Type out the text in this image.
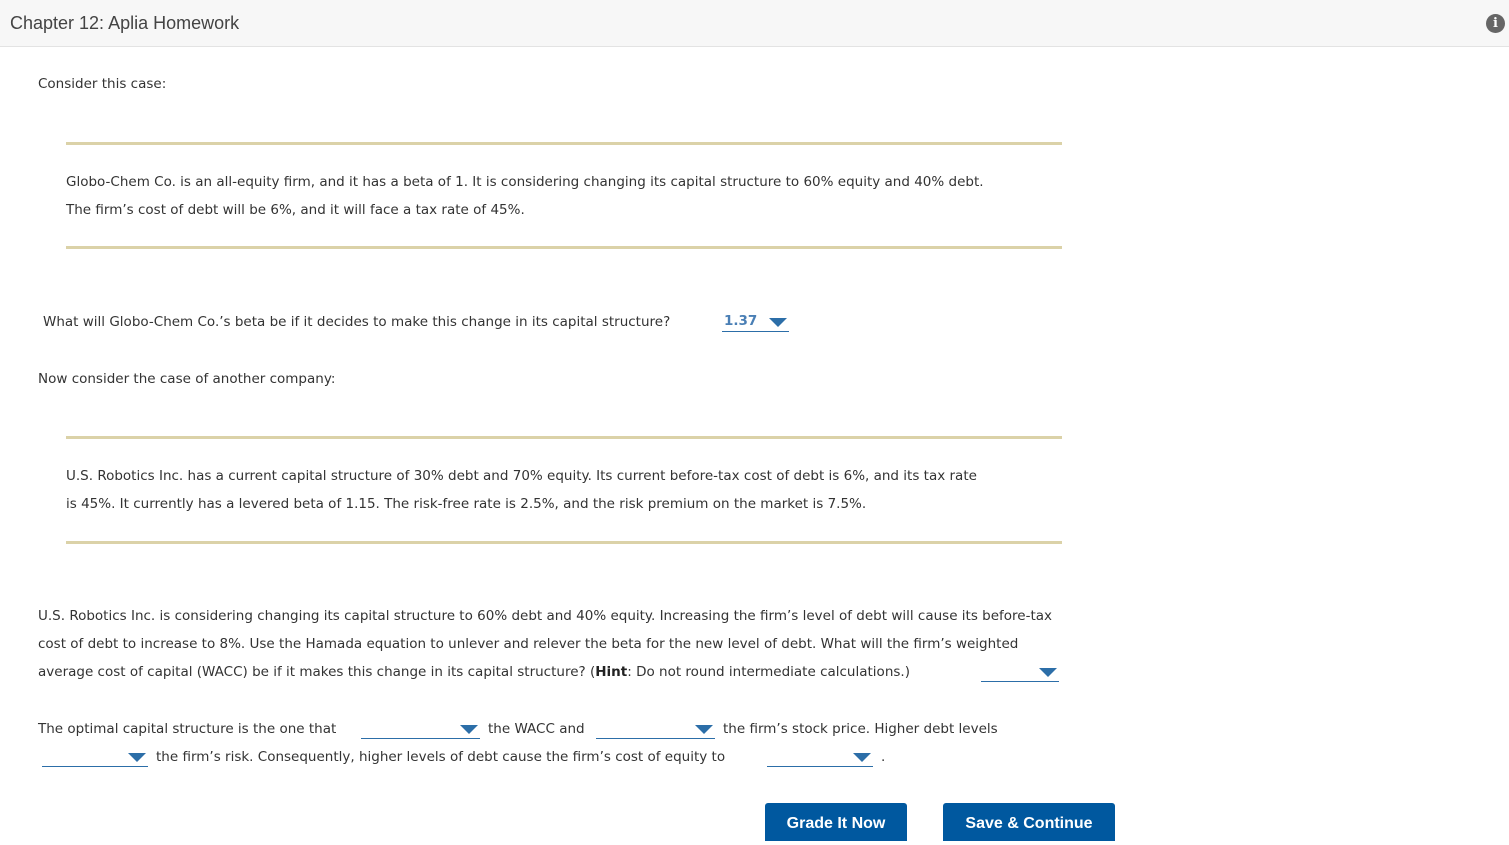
Chapter 12: Aplia Homework	i
Consider this case:
Globo-Chem Co. is an all-equity firm, and it has a beta of 1. It is considering changing its capital structure to 60% equity and 40% debt.
The firm’s cost of debt will be 6%, and it will face a tax rate of 45%.
What will Globo-Chem Co.’s beta be if it decides to make this change in its capital structure?	1.37
Now consider the case of another company:
U.S. Robotics Inc. has a current capital structure of 30% debt and 70% equity. Its current before-tax cost of debt is 6%, and its tax rate
is 45%. It currently has a levered beta of 1.15. The risk-free rate is 2.5%, and the risk premium on the market is 7.5%.
U.S. Robotics Inc. is considering changing its capital structure to 60% debt and 40% equity. Increasing the firm’s level of debt will cause its before-tax
cost of debt to increase to 8%. Use the Hamada equation to unlever and relever the beta for the new level of debt. What will the firm’s weighted
average cost of capital (WACC) be if it makes this change in its capital structure? (Hint: Do not round intermediate calculations.)
The optimal capital structure is the one that	the WACC and	the firm’s stock price. Higher debt levels
the firm’s risk. Consequently, higher levels of debt cause the firm’s cost of equity to	.
Grade It Now	Save & Continue
